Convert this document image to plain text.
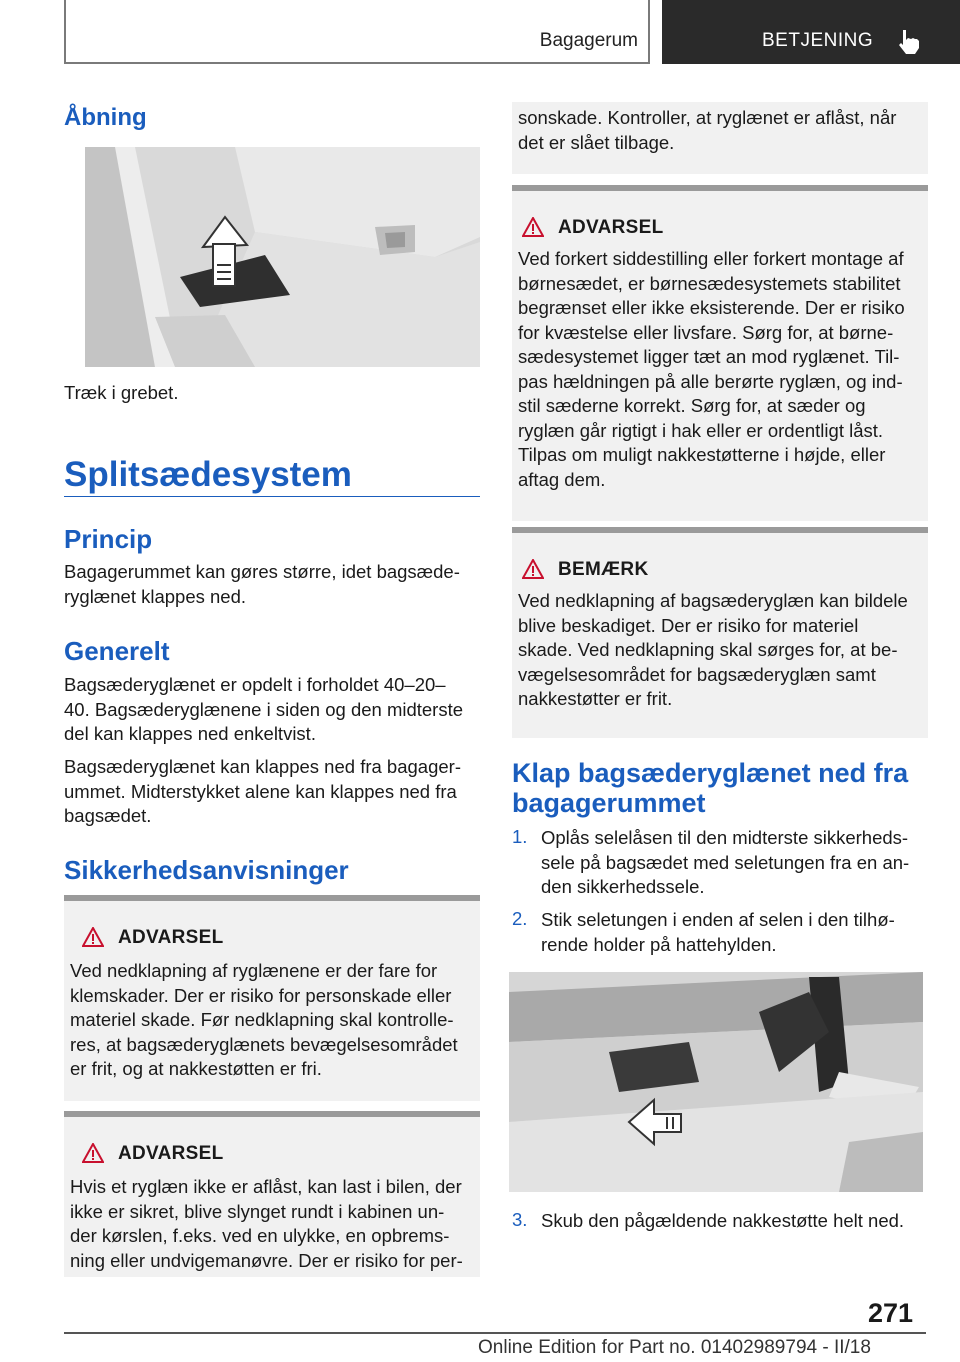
Bagagerum	BETJENING
Åbning
Træk i grebet.
Splitsædesystem
Princip
Bagagerummet kan gøres større, idet bagsæde‐
ryglænet klappes ned.
Generelt
Bagsæderyglænet er opdelt i forholdet 40–20–
40. Bagsæderyglænene i siden og den midterste
del kan klappes ned enkeltvist.
Bagsæderyglænet kan klappes ned fra bagager‐
ummet. Midterstykket alene kan klappes ned fra
bagsædet.
Sikkerhedsanvisninger
ADVARSEL
Ved nedklapning af ryglænene er der fare for
klemskader. Der er risiko for personskade eller
materiel skade. Før nedklapning skal kontrolle‐
res, at bagsæderyglænets bevægelsesområdet
er frit, og at nakkestøtten er fri.
ADVARSEL
Hvis et ryglæn ikke er aflåst, kan last i bilen, der
ikke er sikret, blive slynget rundt i kabinen un‐
der kørslen, f.eks. ved en ulykke, en opbrems‐
ning eller undvigemanøvre. Der er risiko for per‐
sonskade. Kontroller, at ryglænet er aflåst, når
det er slået tilbage.
ADVARSEL
Ved forkert siddestilling eller forkert montage af
børnesædet, er børnesædesystemets stabilitet
begrænset eller ikke eksisterende. Der er risiko
for kvæstelse eller livsfare. Sørg for, at børne‐
sædesystemet ligger tæt an mod ryglænet. Til‐
pas hældningen på alle berørte ryglæn, og ind‐
stil sæderne korrekt. Sørg for, at sæder og
ryglæn går rigtigt i hak eller er ordentligt låst.
Tilpas om muligt nakkestøtterne i højde, eller
aftag dem.
BEMÆRK
Ved nedklapning af bagsæderyglæn kan bildele
blive beskadiget. Der er risiko for materiel
skade. Ved nedklapning skal sørges for, at be‐
vægelsesområdet for bagsæderyglæn samt
nakkestøtter er frit.
Klap bagsæderyglænet ned fra
bagagerummet
1. Oplås selelåsen til den midterste sikkerheds‐
sele på bagsædet med seletungen fra en an‐
den sikkerhedssele.
2. Stik seletungen i enden af selen i den tilhø‐
rende holder på hattehylden.
3. Skub den pågældende nakkestøtte helt ned.
271
Online Edition for Part no. 01402989794 - II/18
